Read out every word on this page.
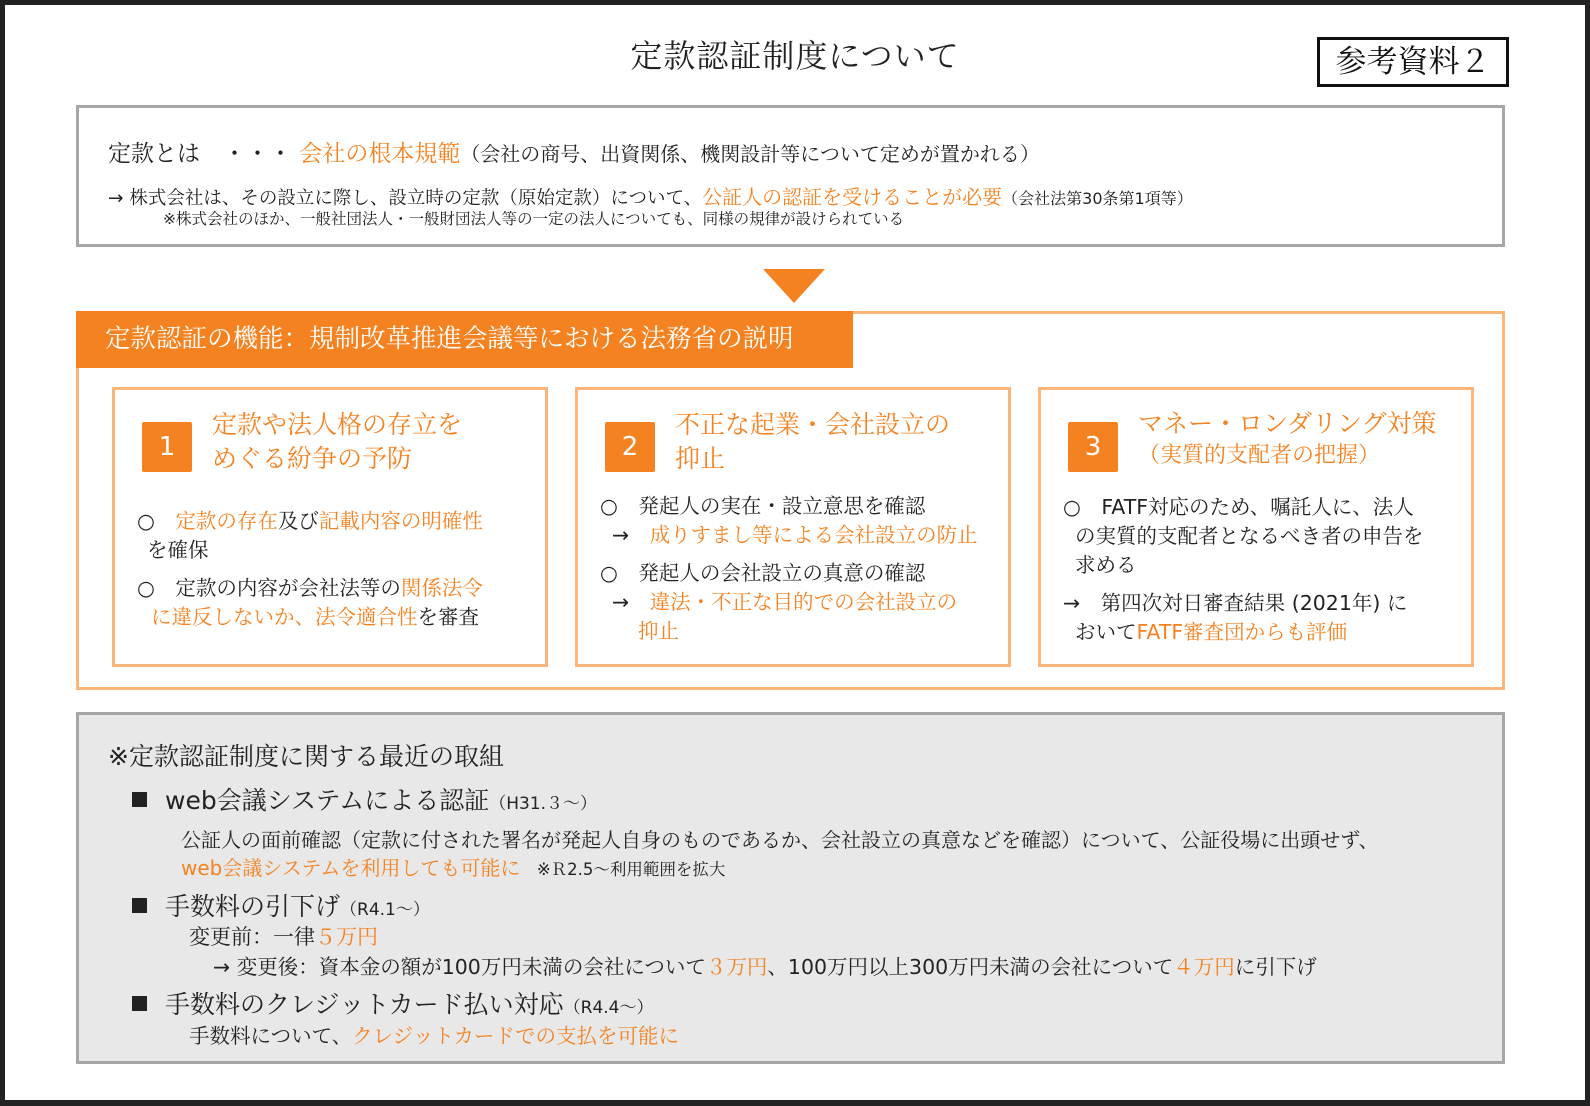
定款認証制度について	参考資料２
定款とは　・・・ 会社の根本規範（会社の商号、出資関係、機関設計等について定めが置かれる）
→ 株式会社は、その設立に際し、設立時の定款（原始定款）について、公証人の認証を受けることが必要（会社法第30条第1項等）
※株式会社のほか、一般社団法人・一般財団法人等の一定の法人についても、同様の規律が設けられている
定款認証の機能：規制改革推進会議等における法務省の説明
1
定款や法人格の存立を
めぐる紛争の予防
○　定款の存在及び記載内容の明確性
を確保
○　定款の内容が会社法等の関係法令
に違反しないか、法令適合性を審査
2
不正な起業・会社設立の
抑止
○　発起人の実在・設立意思を確認
→　成りすまし等による会社設立の防止
○　発起人の会社設立の真意の確認
→　違法・不正な目的での会社設立の
抑止
3
マネー・ロンダリング対策
（実質的支配者の把握）
○　FATF対応のため、嘱託人に、法人
の実質的支配者となるべき者の申告を
求める
→　第四次対日審査結果 (2021年) に
おいてFATF審査団からも評価
※定款認証制度に関する最近の取組
web会議システムによる認証（H31.３～）
公証人の面前確認（定款に付された署名が発起人自身のものであるか、会社設立の真意などを確認）について、公証役場に出頭せず、
web会議システムを利用しても可能に　※Ｒ2.5～利用範囲を拡大
手数料の引下げ（R4.1～）
変更前：一律５万円
→ 変更後：資本金の額が100万円未満の会社について３万円、100万円以上300万円未満の会社について４万円に引下げ
手数料のクレジットカード払い対応（R4.4～）
手数料について、クレジットカードでの支払を可能に
